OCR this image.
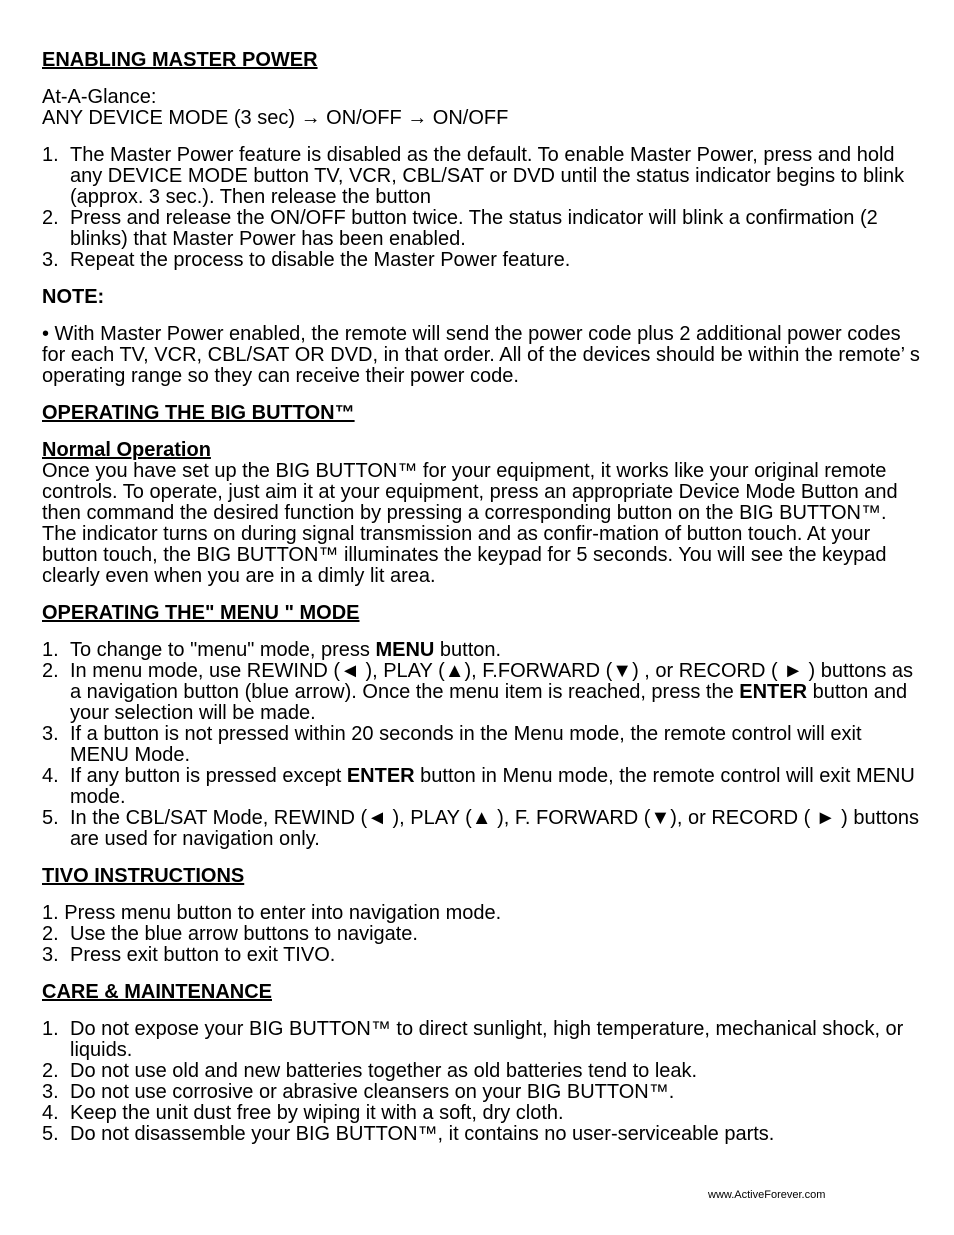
ENABLING MASTER POWER

At-A-Glance:

ANY DEVICE MODE (3 sec) → ON/OFF → ON/OFF

1. The Master Power feature is disabled as the default. To enable Master Power, press and hold any DEVICE MODE button TV, VCR, CBL/SAT or DVD until the status indicator begins to blink (approx. 3 sec.). Then release the button
2. Press and release the ON/OFF button twice. The status indicator will blink a confirmation (2 blinks) that Master Power has been enabled.
3. Repeat the process to disable the Master Power feature.

NOTE:

• With Master Power enabled, the remote will send the power code plus 2 additional power codes for each TV, VCR, CBL/SAT OR DVD, in that order. All of the devices should be within the remote’ s operating range so they can receive their power code.

OPERATING THE BIG BUTTON™

Normal Operation

Once you have set up the BIG BUTTON™ for your equipment, it works like your original remote controls. To operate, just aim it at your equipment, press an appropriate Device Mode Button and then command the desired function by pressing a corresponding button on the BIG BUTTON™. The indicator turns on during signal transmission and as confir-mation of button touch. At your button touch, the BIG BUTTON™ illuminates the keypad for 5 seconds. You will see the keypad clearly even when you are in a dimly lit area.

OPERATING THE" MENU " MODE

1. To change to "menu" mode, press MENU button.
2. In menu mode, use REWIND (◄ ), PLAY (▲), F.FORWARD (▼) , or RECORD ( ► ) buttons as a navigation button (blue arrow). Once the menu item is reached, press the ENTER button and your selection will be made.
3. If a button is not pressed within 20 seconds in the Menu mode, the remote control will exit MENU Mode.
4. If any button is pressed except ENTER button in Menu mode, the remote control will exit MENU mode.
5. In the CBL/SAT Mode, REWIND (◄ ), PLAY (▲ ), F. FORWARD (▼), or RECORD ( ► ) buttons are used for navigation only.

TIVO INSTRUCTIONS

1. Press menu button to enter into navigation mode.

2. Use the blue arrow buttons to navigate.
3. Press exit button to exit TIVO.

CARE & MAINTENANCE

1. Do not expose your BIG BUTTON™ to direct sunlight, high temperature, mechanical shock, or liquids.
2. Do not use old and new batteries together as old batteries tend to leak.
3. Do not use corrosive or abrasive cleansers on your BIG BUTTON™.
4. Keep the unit dust free by wiping it with a soft, dry cloth.
5. Do not disassemble your BIG BUTTON™, it contains no user-serviceable parts.
www.ActiveForever.com
